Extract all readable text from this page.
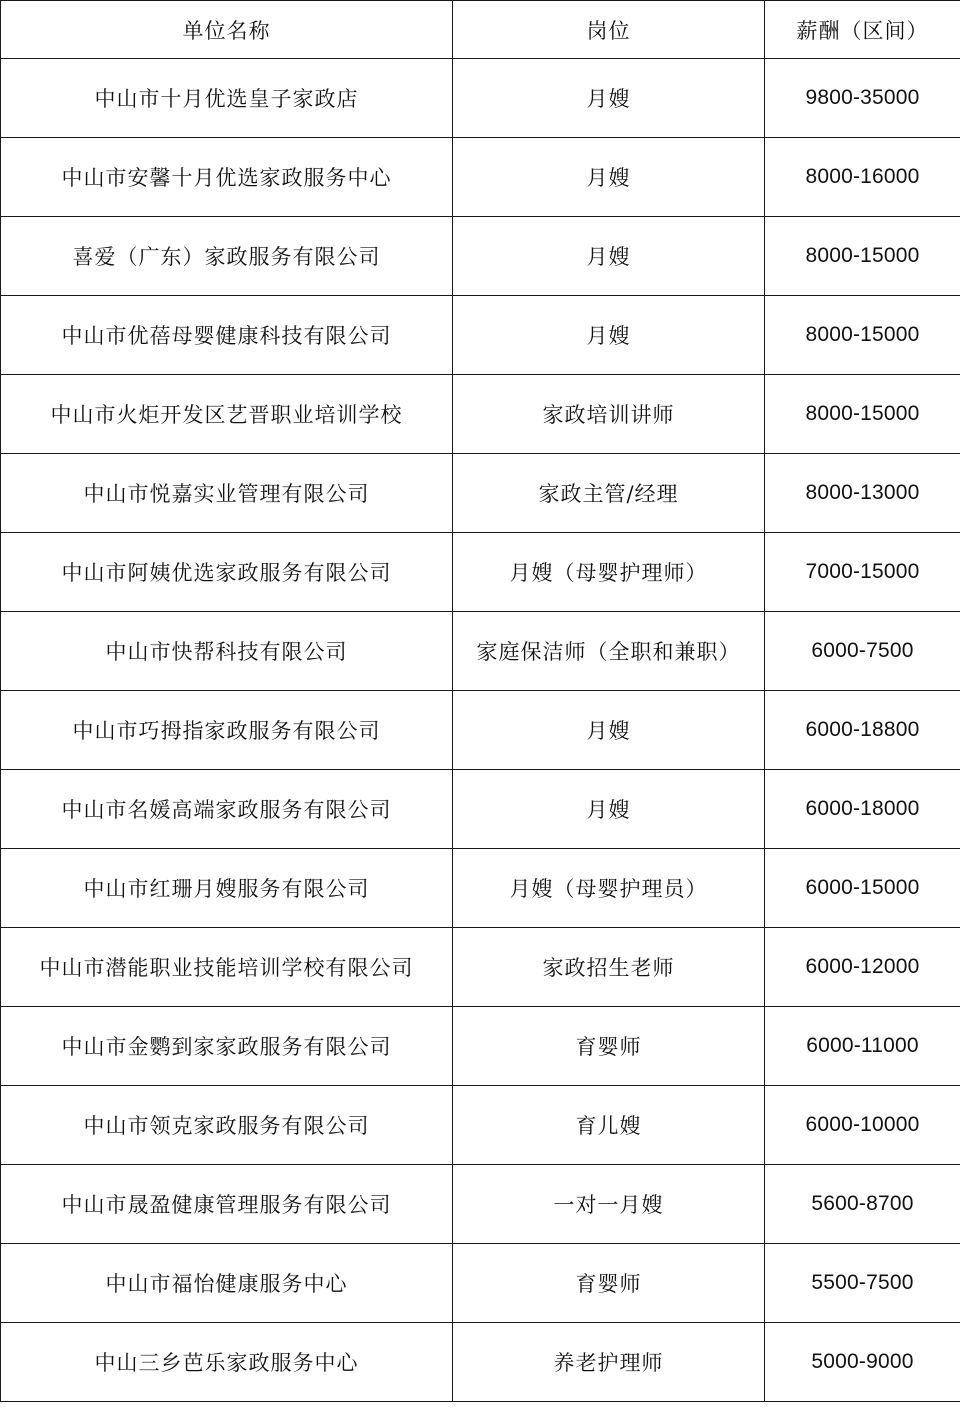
单位名称	岗位	薪酬（区间）
中山市十月优选皇子家政店	月嫂	9800-35000
中山市安馨十月优选家政服务中心	月嫂	8000-16000
喜爱（广东）家政服务有限公司	月嫂	8000-15000
中山市优蓓母婴健康科技有限公司	月嫂	8000-15000
中山市火炬开发区艺晋职业培训学校	家政培训讲师	8000-15000
中山市悦嘉实业管理有限公司	家政主管/经理	8000-13000
中山市阿姨优选家政服务有限公司	月嫂（母婴护理师）	7000-15000
中山市快帮科技有限公司	家庭保洁师（全职和兼职）	6000-7500
中山市巧拇指家政服务有限公司	月嫂	6000-18800
中山市名媛高端家政服务有限公司	月嫂	6000-18000
中山市红珊月嫂服务有限公司	月嫂（母婴护理员）	6000-15000
中山市潜能职业技能培训学校有限公司	家政招生老师	6000-12000
中山市金鹦到家家政服务有限公司	育婴师	6000-11000
中山市领克家政服务有限公司	育儿嫂	6000-10000
中山市晟盈健康管理服务有限公司	一对一月嫂	5600-8700
中山市福怡健康服务中心	育婴师	5500-7500
中山三乡芭乐家政服务中心	养老护理师	5000-9000
